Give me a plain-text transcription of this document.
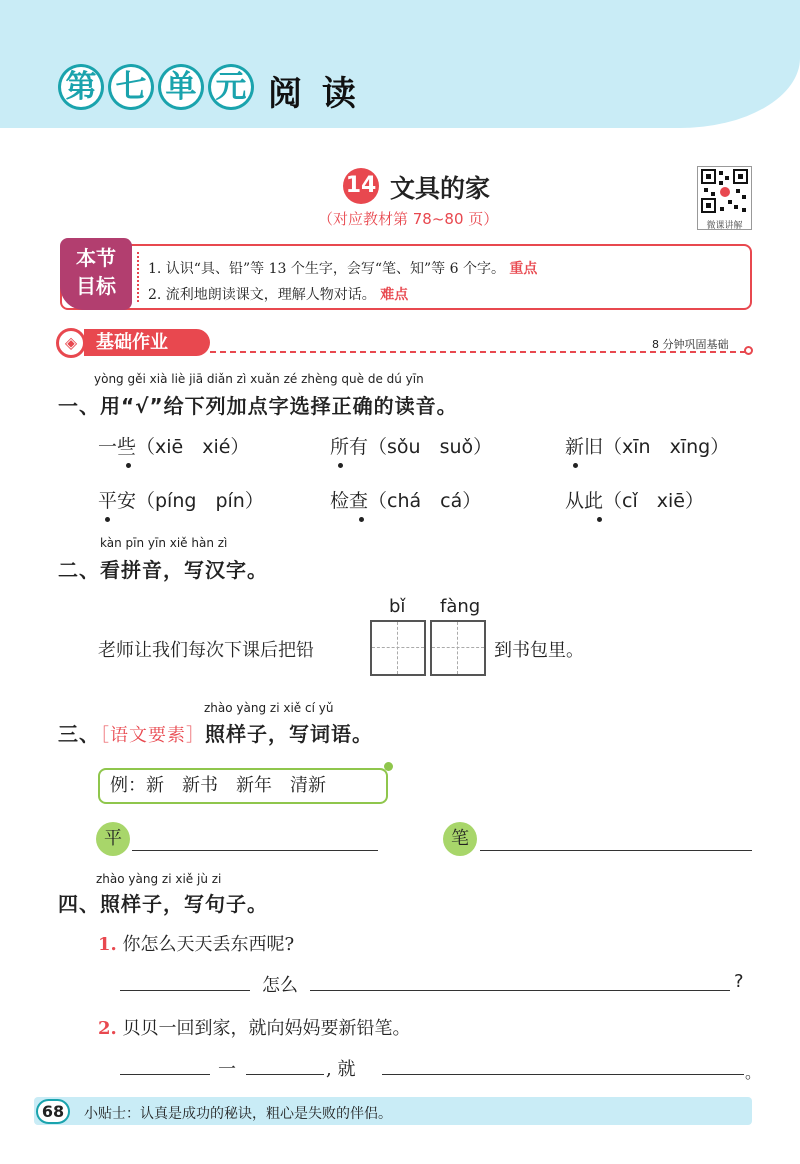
第 七 单 元 阅 读
14 文具的家
（对应教材第 78~80 页）	微课讲解
本节
目标
1. 认识“具、铅”等 13 个生字，会写“笔、知”等 6 个字。 重点
2. 流利地朗读课文，理解人物对话。 难点
◈	基础作业	8 分钟巩固基础
yòng gěi xià liè jiā diǎn zì xuǎn zé zhèng què de dú yīn
一、用“√”给下列加点字选择正确的读音。
一些（xiē　xié）	所有（sǒu　suǒ）	新旧（xīn　xīng）
平安（píng　pín）	检查（chá　cá）	从此（cǐ　xiē）
kàn pīn yīn xiě hàn zì
二、看拼音，写汉字。
bǐ fàng
老师让我们每次下课后把铅	到书包里。
zhào yàng zi xiě cí yǔ
三、［语文要素］照样子，写词语。
例：新　新书　新年　清新
平	笔
zhào yàng zi xiě jù zi
四、照样子，写句子。
1. 你怎么天天丢东西呢?
怎么	?
2. 贝贝一回到家，就向妈妈要新铅笔。
一	, 就	。
68	小贴士：认真是成功的秘诀，粗心是失败的伴侣。
